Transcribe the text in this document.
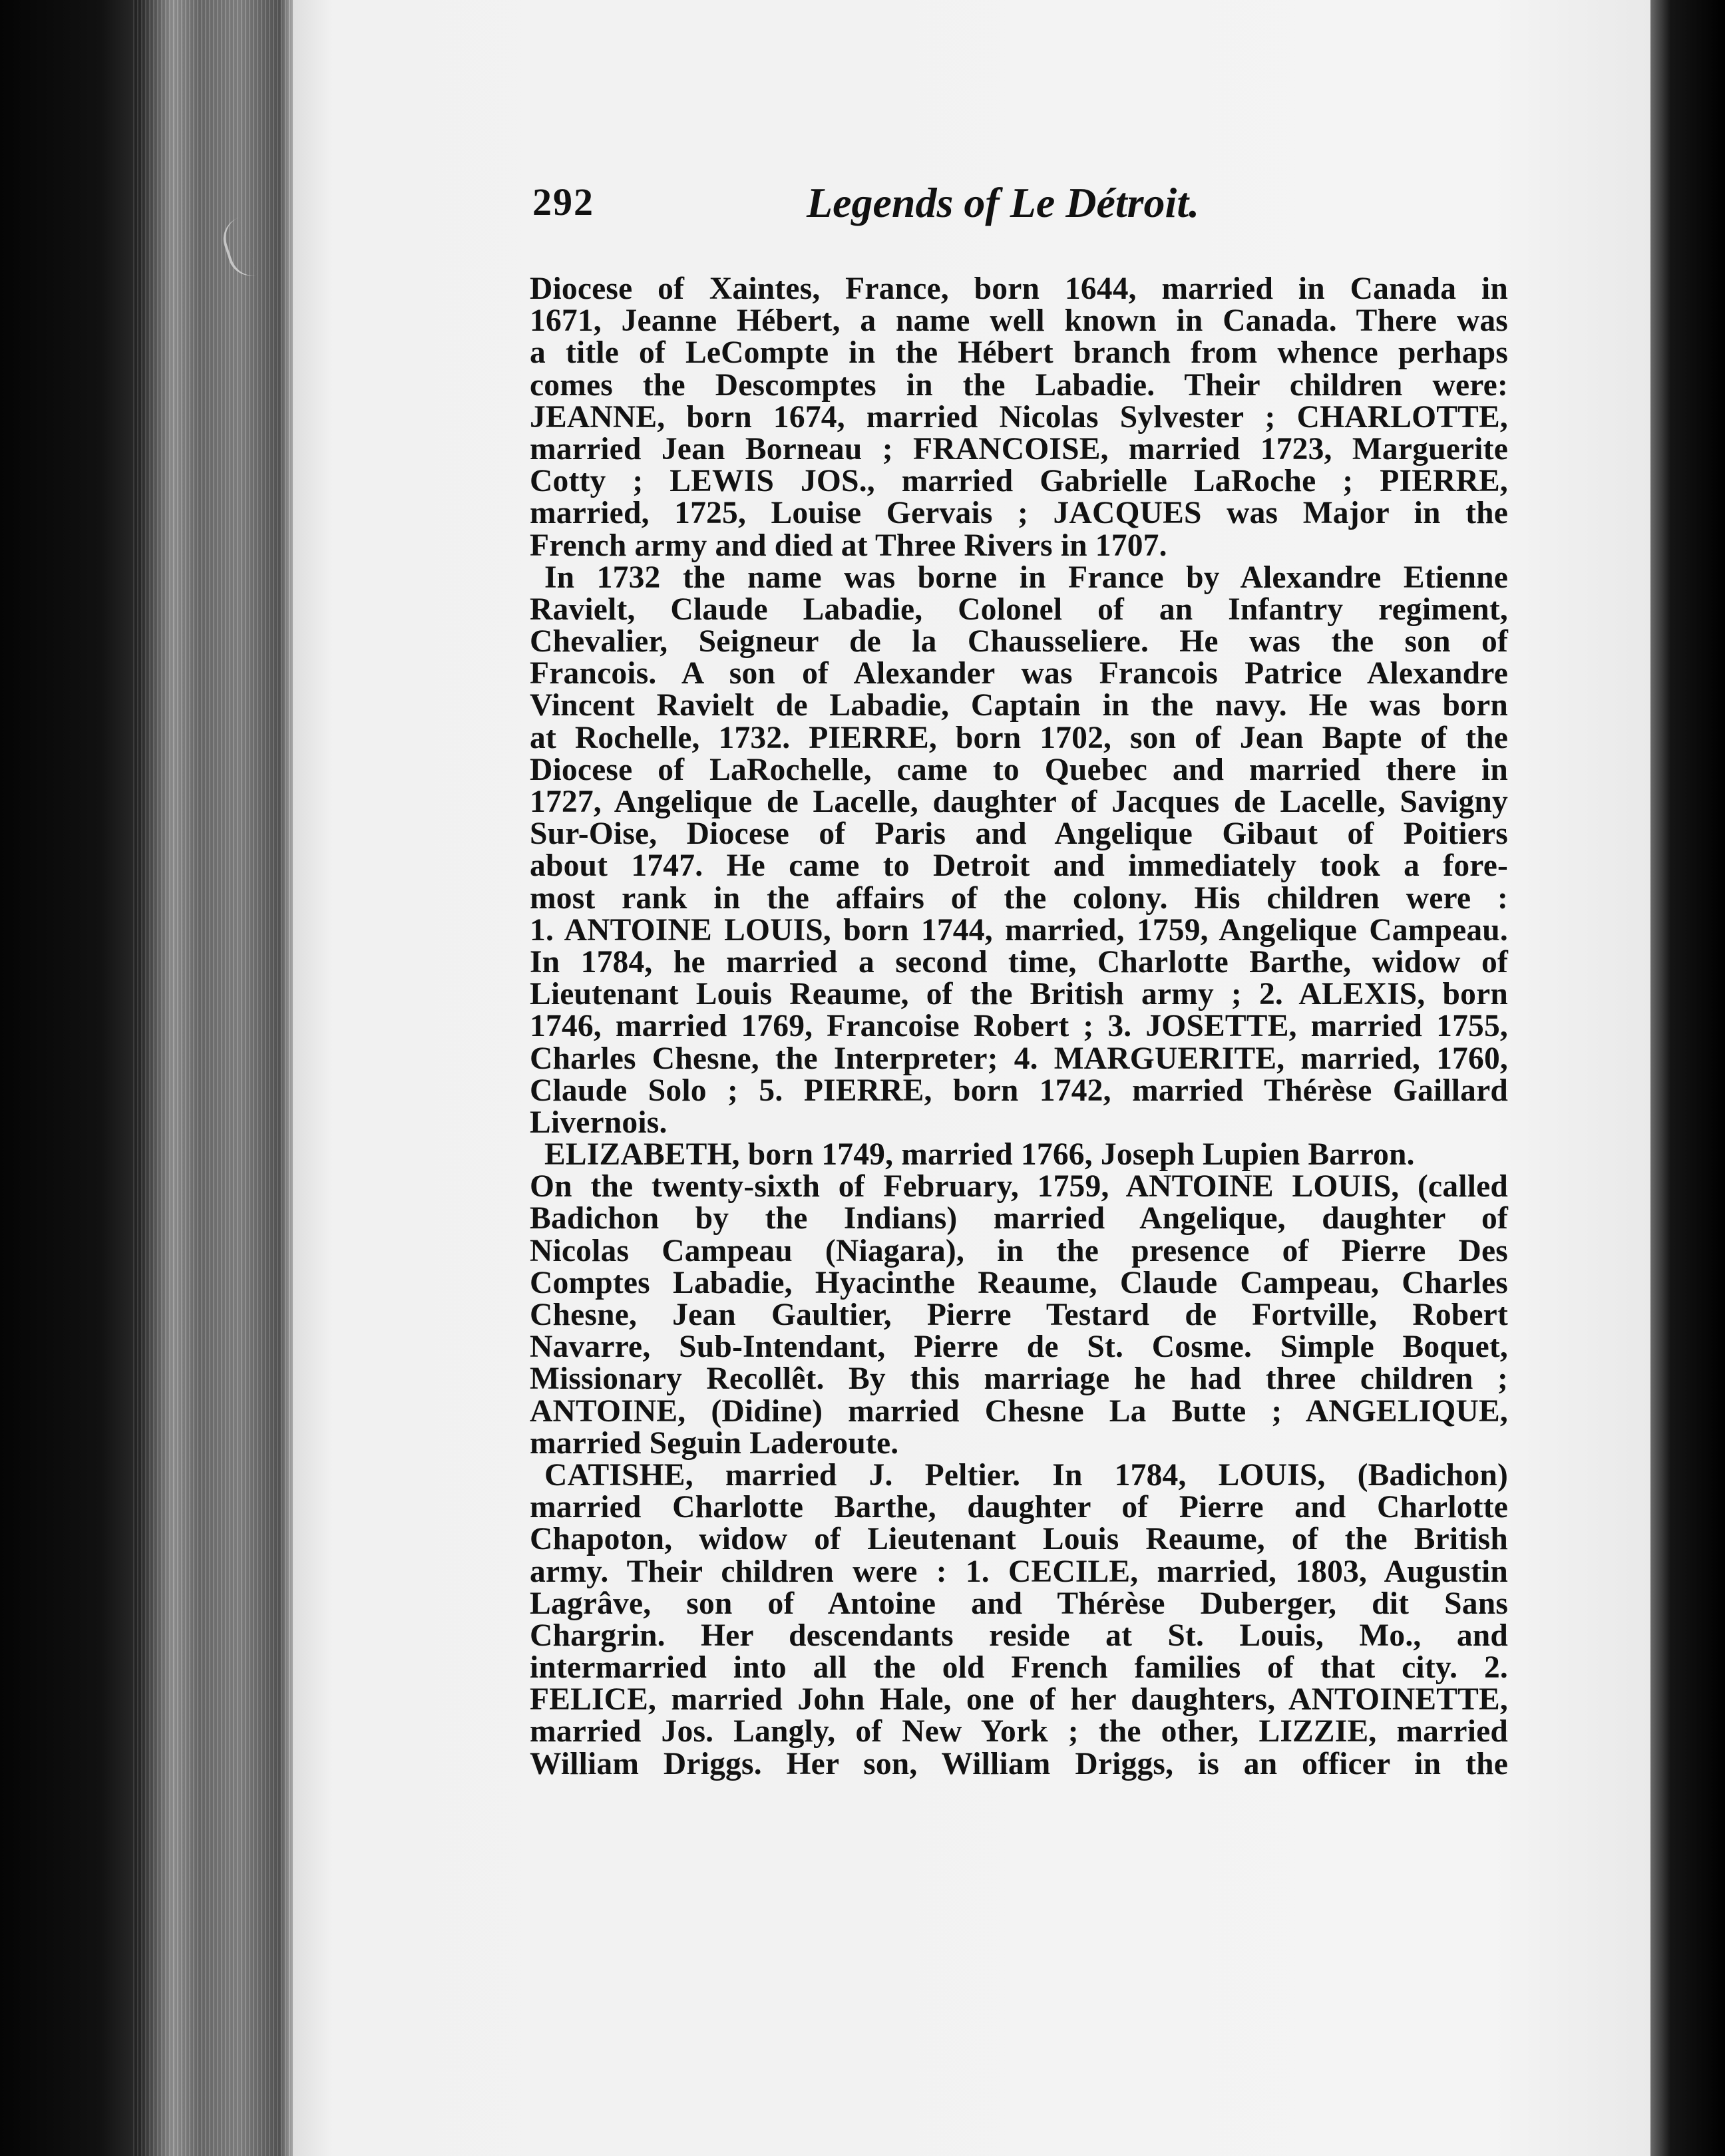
292	Legends of Le Détroit.
Diocese of Xaintes, France, born 1644, married in Canada in
1671, Jeanne Hébert, a name well known in Canada. There was
a title of LeCompte in the Hébert branch from whence perhaps
comes the Descomptes in the Labadie. Their children were:
JEANNE, born 1674, married Nicolas Sylvester ; CHARLOTTE,
married Jean Borneau ; FRANCOISE, married 1723, Marguerite
Cotty ; LEWIS JOS., married Gabrielle LaRoche ; PIERRE,
married, 1725, Louise Gervais ; JACQUES was Major in the
French army and died at Three Rivers in 1707.
In 1732 the name was borne in France by Alexandre Etienne
Ravielt, Claude Labadie, Colonel of an Infantry regiment,
Chevalier, Seigneur de la Chausseliere. He was the son of
Francois. A son of Alexander was Francois Patrice Alexandre
Vincent Ravielt de Labadie, Captain in the navy. He was born
at Rochelle, 1732. PIERRE, born 1702, son of Jean Bapte of the
Diocese of LaRochelle, came to Quebec and married there in
1727, Angelique de Lacelle, daughter of Jacques de Lacelle, Savigny
Sur-Oise, Diocese of Paris and Angelique Gibaut of Poitiers
about 1747. He came to Detroit and immediately took a fore-
most rank in the affairs of the colony. His children were :
1. ANTOINE LOUIS, born 1744, married, 1759, Angelique Campeau.
In 1784, he married a second time, Charlotte Barthe, widow of
Lieutenant Louis Reaume, of the British army ; 2. ALEXIS, born
1746, married 1769, Francoise Robert ; 3. JOSETTE, married 1755,
Charles Chesne, the Interpreter; 4. MARGUERITE, married, 1760,
Claude Solo ; 5. PIERRE, born 1742, married Thérèse Gaillard
Livernois.
ELIZABETH, born 1749, married 1766, Joseph Lupien Barron.
On the twenty-sixth of February, 1759, ANTOINE LOUIS, (called
Badichon by the Indians) married Angelique, daughter of
Nicolas Campeau (Niagara), in the presence of Pierre Des
Comptes Labadie, Hyacinthe Reaume, Claude Campeau, Charles
Chesne, Jean Gaultier, Pierre Testard de Fortville, Robert
Navarre, Sub-Intendant, Pierre de St. Cosme. Simple Boquet,
Missionary Recollêt. By this marriage he had three children ;
ANTOINE, (Didine) married Chesne La Butte ; ANGELIQUE,
married Seguin Laderoute.
CATISHE, married J. Peltier. In 1784, LOUIS, (Badichon)
married Charlotte Barthe, daughter of Pierre and Charlotte
Chapoton, widow of Lieutenant Louis Reaume, of the British
army. Their children were : 1. CECILE, married, 1803, Augustin
Lagrâve, son of Antoine and Thérèse Duberger, dit Sans
Chargrin. Her descendants reside at St. Louis, Mo., and
intermarried into all the old French families of that city. 2.
FELICE, married John Hale, one of her daughters, ANTOINETTE,
married Jos. Langly, of New York ; the other, LIZZIE, married
William Driggs. Her son, William Driggs, is an officer in the
